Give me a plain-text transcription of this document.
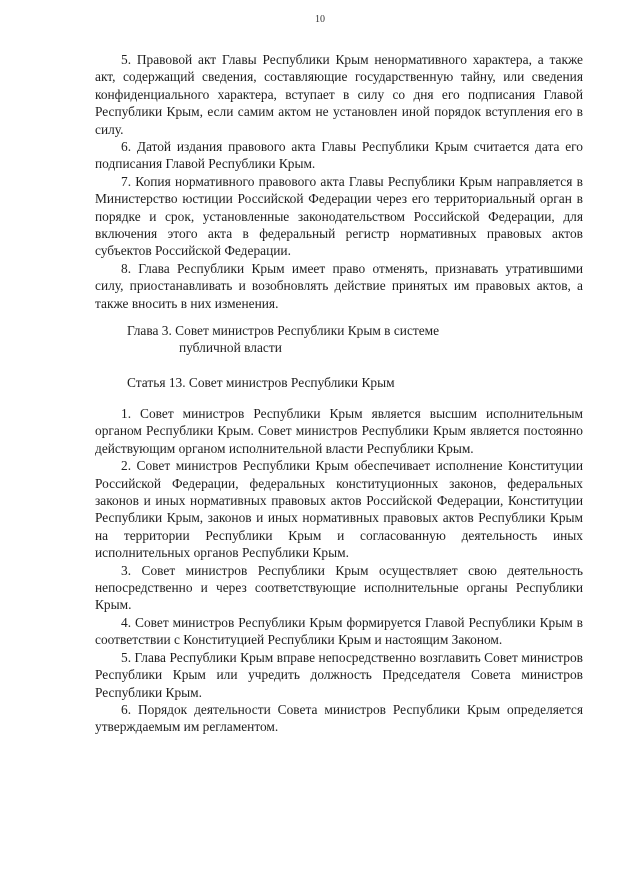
10

5. Правовой акт Главы Республики Крым ненормативного характера, а также акт, содержащий сведения, составляющие государственную тайну, или сведения конфиденциального характера, вступает в силу со дня его подписания Главой Республики Крым, если самим актом не установлен иной порядок вступления его в силу.

6. Датой издания правового акта Главы Республики Крым считается дата его подписания Главой Республики Крым.

7. Копия нормативного правового акта Главы Республики Крым направляется в Министерство юстиции Российской Федерации через его территориальный орган в порядке и срок, установленные законодательством Российской Федерации, для включения этого акта в федеральный регистр нормативных правовых актов субъектов Российской Федерации.

8. Глава Республики Крым имеет право отменять, признавать утратившими силу, приостанавливать и возобновлять действие принятых им правовых актов, а также вносить в них изменения.

Глава 3. Совет министров Республики Крым в системе
публичной власти

Статья 13. Совет министров Республики Крым

1. Совет министров Республики Крым является высшим исполнительным органом Республики Крым. Совет министров Республики Крым является постоянно действующим органом исполнительной власти Республики Крым.

2. Совет министров Республики Крым обеспечивает исполнение Конституции Российской Федерации, федеральных конституционных законов, федеральных законов и иных нормативных правовых актов Российской Федерации, Конституции Республики Крым, законов и иных нормативных правовых актов Республики Крым на территории Республики Крым и согласованную деятельность иных исполнительных органов Республики Крым.

3. Совет министров Республики Крым осуществляет свою деятельность непосредственно и через соответствующие исполнительные органы Республики Крым.

4. Совет министров Республики Крым формируется Главой Республики Крым в соответствии с Конституцией Республики Крым и настоящим Законом.

5. Глава Республики Крым вправе непосредственно возглавить Совет министров Республики Крым или учредить должность Председателя Совета министров Республики Крым.

6. Порядок деятельности Совета министров Республики Крым определяется утверждаемым им регламентом.
